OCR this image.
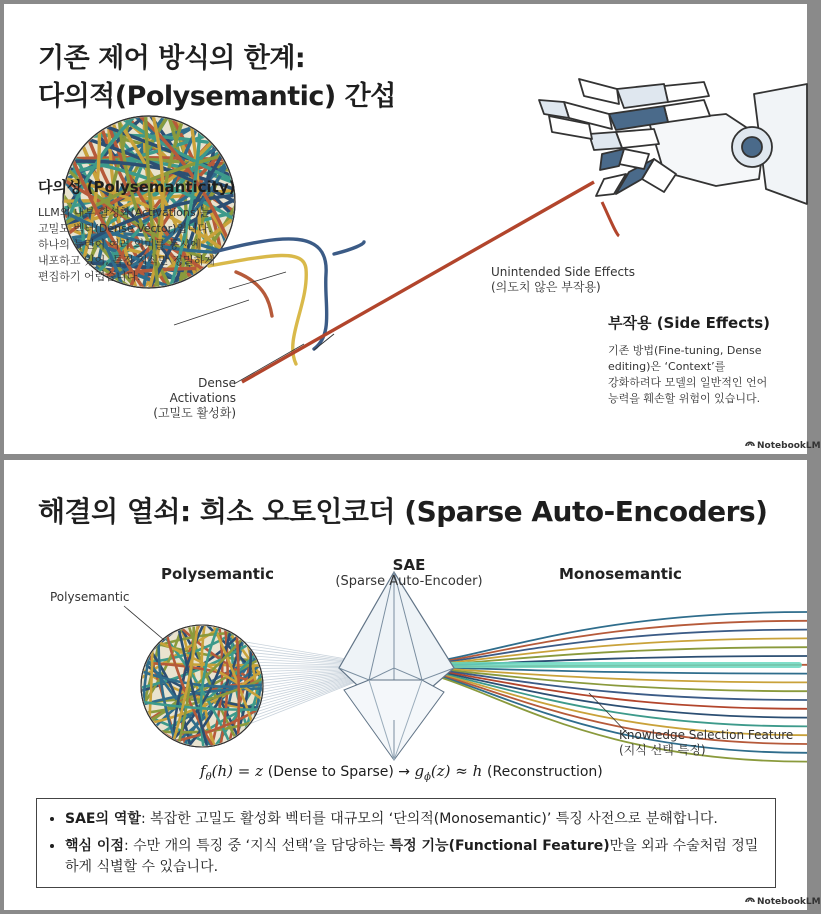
기존 제어 방식의 한계:
다의적(Polysemantic) 간섭
다의성 (Polysemanticity)
LLM의 내부 활성화(Activations)는
고밀도 벡터(Dense Vector)입니다.
하나의 뉴런이 여러 의미를 동시에
내포하고 있어, 특정 지식만 정밀하게
편집하기 어렵습니다.	Unintended Side Effects
(의도치 않은 부작용)
부작용 (Side Effects)
기존 방법(Fine-tuning, Dense
editing)은 ‘Context’를
강화하려다 모델의 일반적인 언어
능력을 훼손할 위험이 있습니다.
Dense Activations
(고밀도 활성화)
NotebookLM
해결의 열쇠: 희소 오토인코더 (Sparse Auto-Encoders)
Polysemantic	SAE
(Sparse Auto-Encoder)	Monosemantic
Polysemantic
Knowledge Selection Feature
(지식 선택 특징)
$f_\theta(h) = z$ (Dense to Sparse) → $g_\phi(z) \approx h$ (Reconstruction)
• SAE의 역할: 복잡한 고밀도 활성화 벡터를 대규모의 ‘단의적(Monosemantic)’ 특징 사전으로 분해합니다.
• 핵심 이점: 수만 개의 특징 중 ‘지식 선택’을 담당하는 특정 기능(Functional Feature)만을 외과 수술처럼 정밀하게 식별할 수 있습니다.
NotebookLM
